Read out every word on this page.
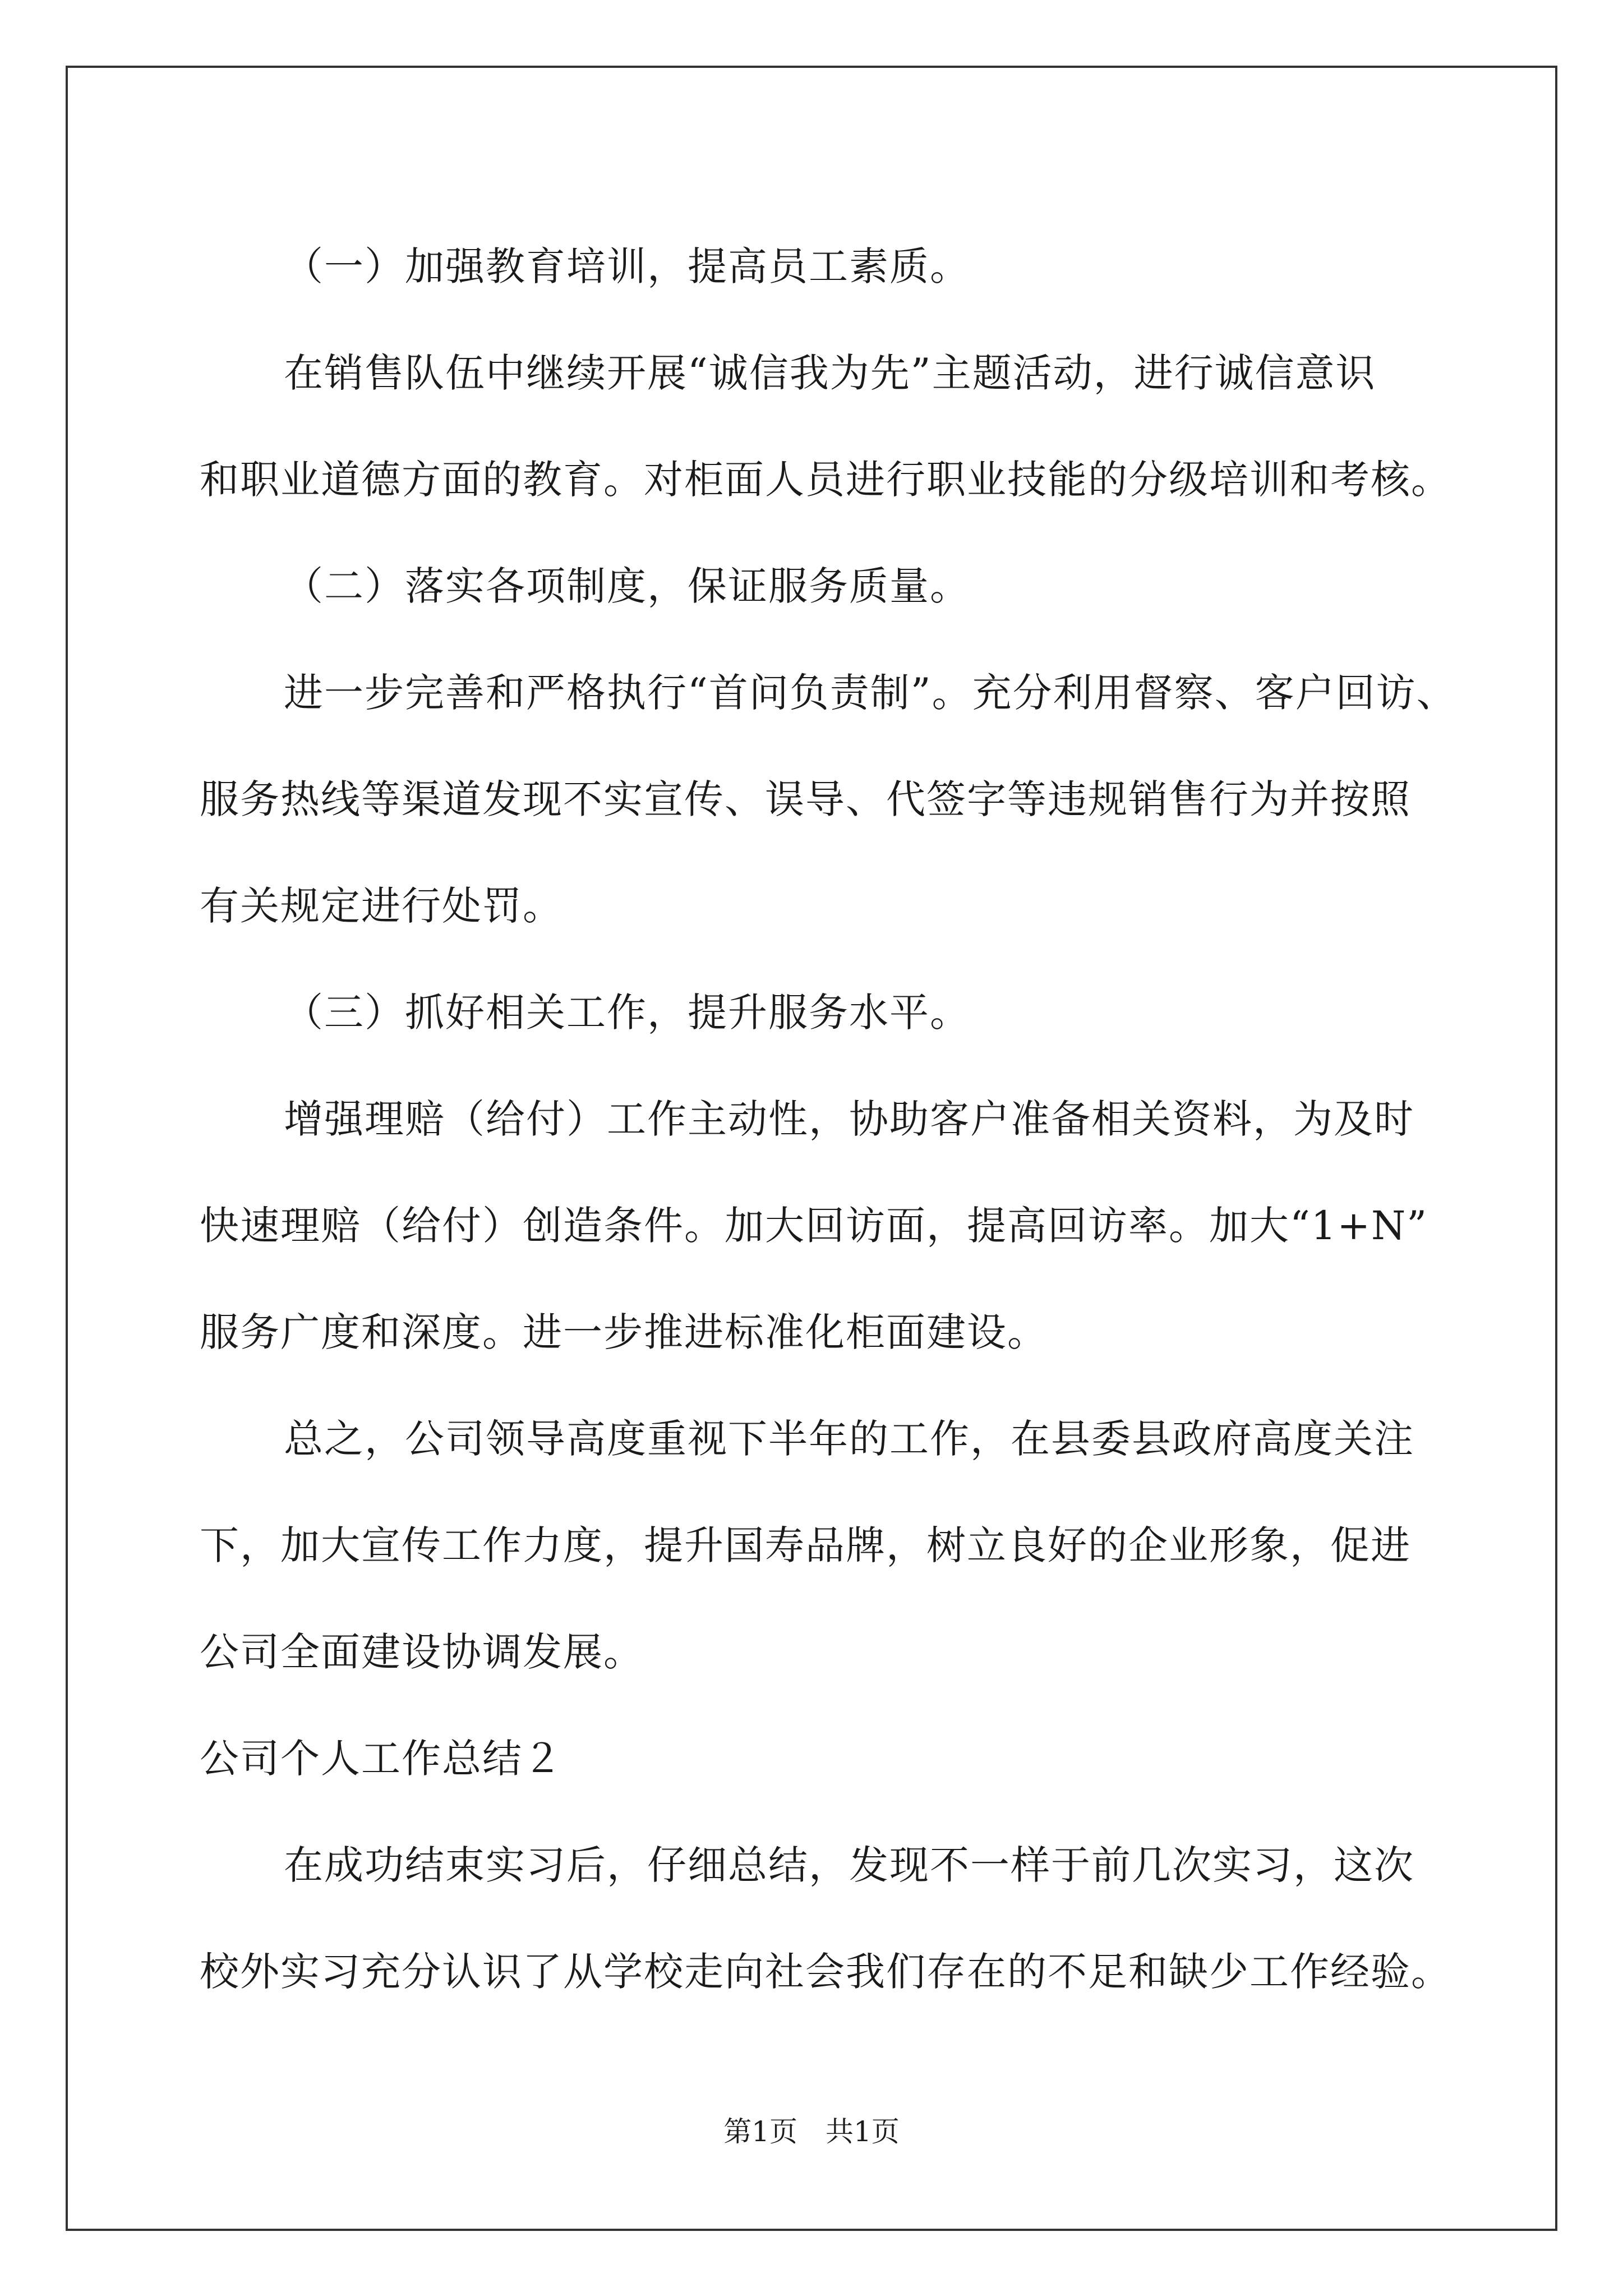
（一）加强教育培训，提高员工素质。

在销售队伍中继续开展“诚信我为先”主题活动，进行诚信意识

和职业道德方面的教育。对柜面人员进行职业技能的分级培训和考核。

（二）落实各项制度，保证服务质量。

进一步完善和严格执行“首问负责制”。充分利用督察、客户回访、

服务热线等渠道发现不实宣传、误导、代签字等违规销售行为并按照

有关规定进行处罚。

（三）抓好相关工作，提升服务水平。

增强理赔（给付）工作主动性，协助客户准备相关资料，为及时

快速理赔（给付）创造条件。加大回访面，提高回访率。加大“1+N”

服务广度和深度。进一步推进标准化柜面建设。

总之，公司领导高度重视下半年的工作，在县委县政府高度关注

下，加大宣传工作力度，提升国寿品牌，树立良好的企业形象，促进

公司全面建设协调发展。

公司个人工作总结２

在成功结束实习后，仔细总结，发现不一样于前几次实习，这次

校外实习充分认识了从学校走向社会我们存在的不足和缺少工作经验。

第1页 共1页
